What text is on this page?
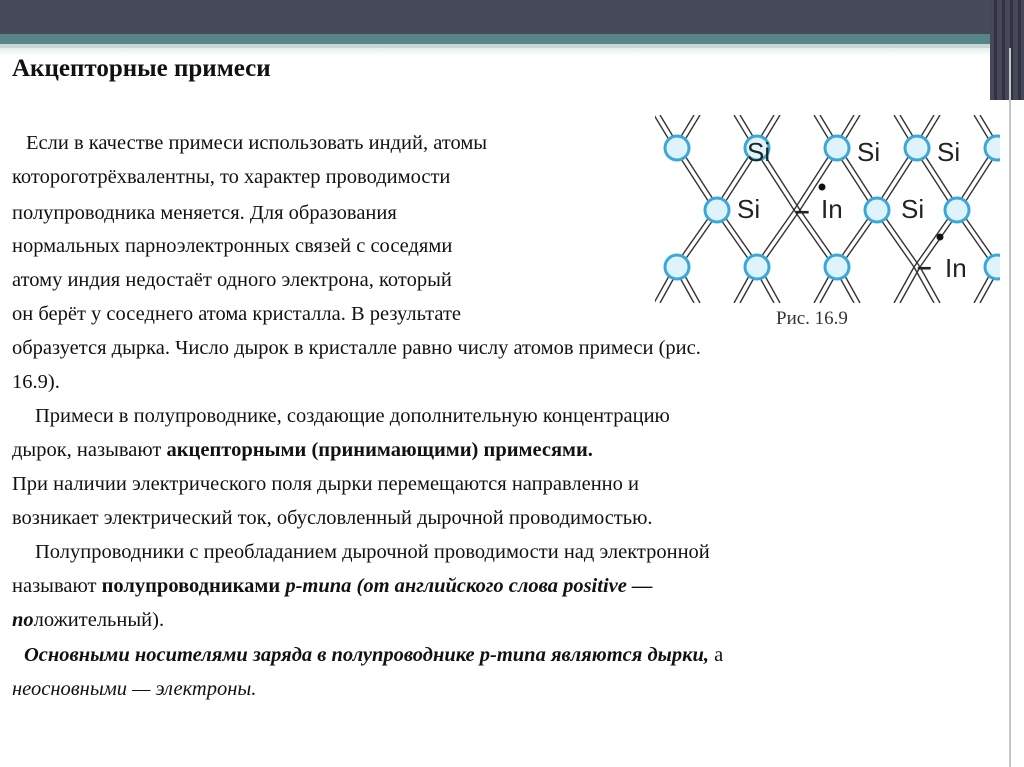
Акцепторные примеси
Если в качестве примеси использовать индий, атомы
котороготрёхвалентны, то характер проводимости
полупроводника меняется. Для образования
нормальных парноэлектронных связей с соседями
атому индия недостаёт одного электрона, который
он берёт у соседнего атома кристалла. В результате
образуется дырка. Число дырок в кристалле равно числу атомов примеси (рис.
16.9).
Примеси в полупроводнике, создающие дополнительную концентрацию
дырок, называют акцепторными (принимающими) примесями.
При наличии электрического поля дырки перемещаются направленно и
возникает электрический ток, обусловленный дырочной проводимостью.
Полупроводники с преобладанием дырочной проводимости над электронной
называют полупроводниками p-типа (от английского слова positive —
положительный).
Основными носителями заряда в полупроводнике p-типа являются дырки, а
неосновными — электроны.
Si	Si Si
Si	Si
In
In
–
–
Рис. 16.9
